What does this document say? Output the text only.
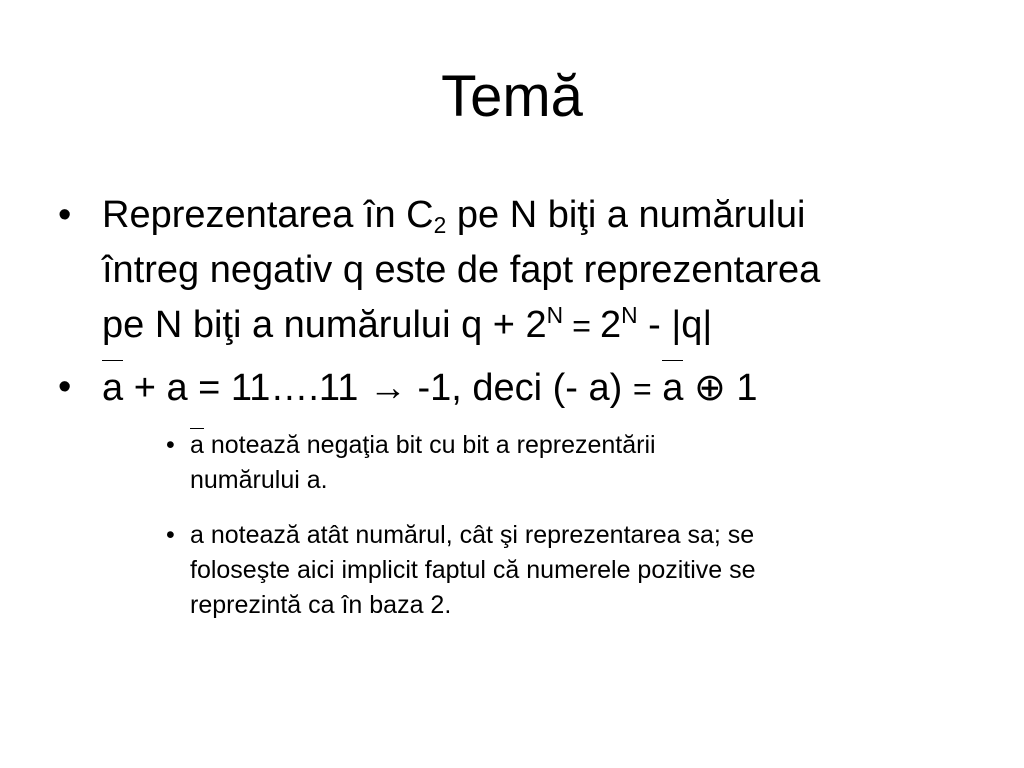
Temă
• Reprezentarea în $C_2$ pe N biţi a numărului
întreg negativ q este de fapt reprezentarea
pe N biţi a numărului $q + 2^N = 2^N - |q|$
• a + a = 11….11 → -1, deci (- a) = a ⊕ 1
• a notează negaţia bit cu bit a reprezentării
numărului a.
• a notează atât numărul, cât şi reprezentarea sa; se
foloseşte aici implicit faptul că numerele pozitive se
reprezintă ca în baza 2.
